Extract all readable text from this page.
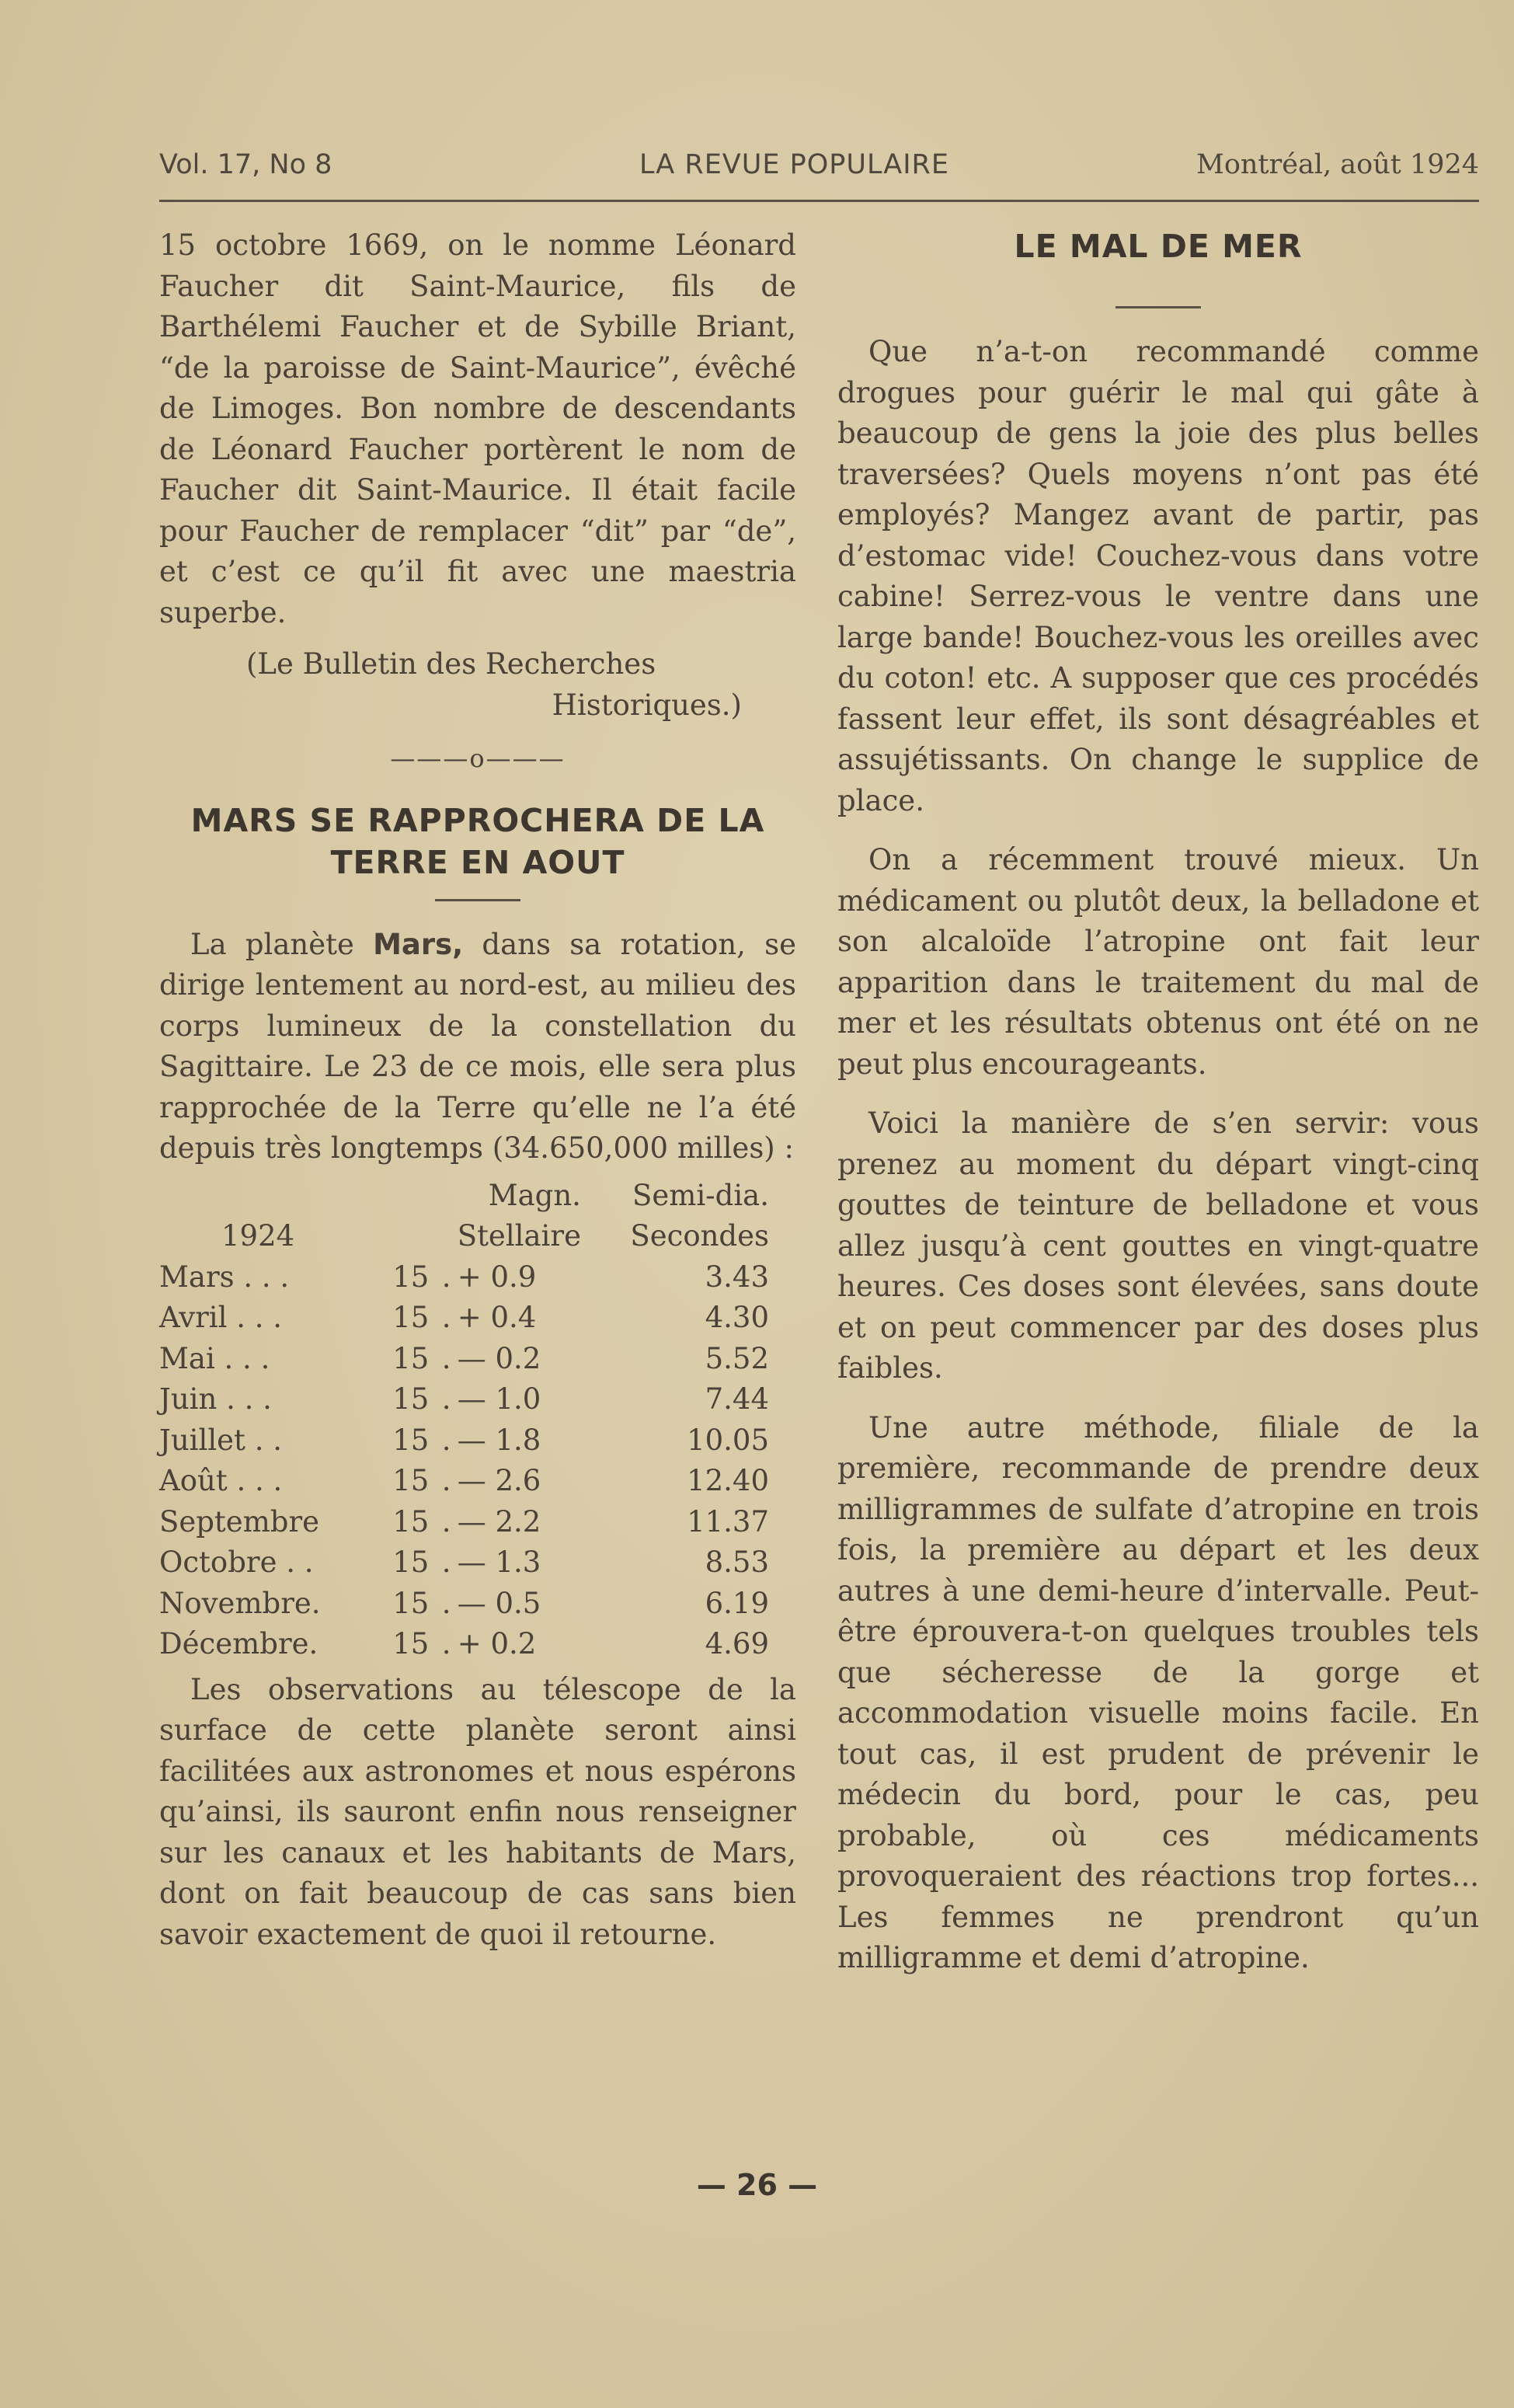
Vol. 17, No 8	LA REVUE POPULAIRE	Montréal, août 1924

15 octobre 1669, on le nomme Léonard Faucher dit Saint-Maurice, fils de Barthélemi Faucher et de Sybille Briant, “de la paroisse de Saint-Maurice”, évêché de Limoges. Bon nombre de descendants de Léonard Faucher portèrent le nom de Faucher dit Saint-Maurice. Il était facile pour Faucher de remplacer “dit” par “de”, et c’est ce qu’il fit avec une maestria superbe.

(Le Bulletin des Recherches
Historiques.)
———o———
MARS SE RAPPROCHERA DE LA TERRE EN AOUT

La planète Mars, dans sa rotation, se dirige lentement au nord-est, au milieu des corps lumineux de la constellation du Sagittaire. Le 23 de ce mois, elle sera plus rapprochée de la Terre qu’elle ne l’a été depuis très longtemps (34.650,000 milles) :

			Magn.	Semi-dia.
1924			Stellaire	Secondes
Mars . . .	15	.	+ 0.9	3.43
Avril . . .	15	.	+ 0.4	4.30
Mai . . .	15	.	— 0.2	5.52
Juin . . .	15	.	— 1.0	7.44
Juillet . .	15	.	— 1.8	10.05
Août . . .	15	.	— 2.6	12.40
Septembre	15	.	— 2.2	11.37
Octobre . .	15	.	— 1.3	8.53
Novembre.	15	.	— 0.5	6.19
Décembre.	15	.	+ 0.2	4.69

Les observations au télescope de la surface de cette planète seront ainsi facilitées aux astronomes et nous espérons qu’ainsi, ils sauront enfin nous renseigner sur les canaux et les habitants de Mars, dont on fait beaucoup de cas sans bien savoir exactement de quoi il retourne.

LE MAL DE MER

Que n’a-t-on recommandé comme drogues pour guérir le mal qui gâte à beaucoup de gens la joie des plus belles traversées? Quels moyens n’ont pas été employés? Mangez avant de partir, pas d’estomac vide! Couchez-vous dans votre cabine! Serrez-vous le ventre dans une large bande! Bouchez-vous les oreilles avec du coton! etc. A supposer que ces procédés fassent leur effet, ils sont désagréables et assujétissants. On change le supplice de place.

On a récemment trouvé mieux. Un médicament ou plutôt deux, la belladone et son alcaloïde l’atropine ont fait leur apparition dans le traitement du mal de mer et les résultats obtenus ont été on ne peut plus encourageants.

Voici la manière de s’en servir: vous prenez au moment du départ vingt-cinq gouttes de teinture de belladone et vous allez jusqu’à cent gouttes en vingt-quatre heures. Ces doses sont élevées, sans doute et on peut commencer par des doses plus faibles.

Une autre méthode, filiale de la première, recommande de prendre deux milligrammes de sulfate d’atropine en trois fois, la première au départ et les deux autres à une demi-heure d’intervalle. Peut-être éprouvera-t-on quelques troubles tels que sécheresse de la gorge et accommodation visuelle moins facile. En tout cas, il est prudent de prévenir le médecin du bord, pour le cas, peu probable, où ces médicaments provoqueraient des réactions trop fortes... Les femmes ne prendront qu’un milligramme et demi d’atropine.

— 26 —
